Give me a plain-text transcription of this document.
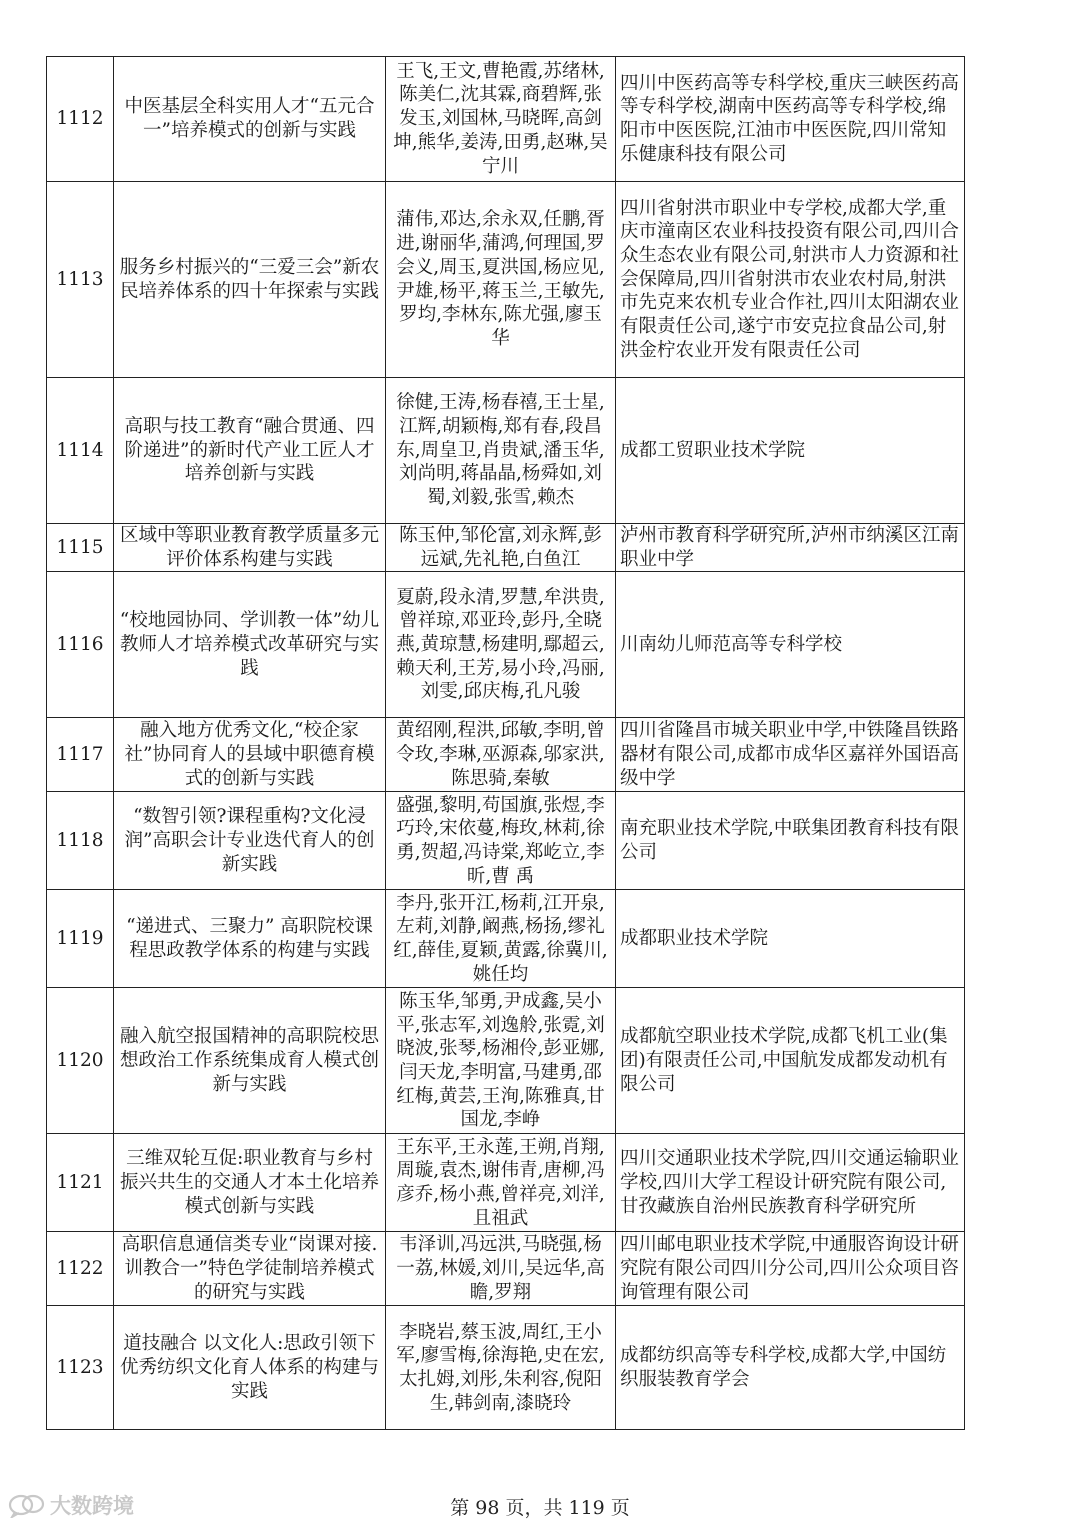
1112	中医基层全科实用人才“五元合一”培养模式的创新与实践	王飞,王文,曹艳霞,苏绪林,陈美仁,沈其霖,商碧辉,张发玉,刘国林,马晓晖,高剑坤,熊华,姜涛,田勇,赵琳,吴宁川	四川中医药高等专科学校,重庆三峡医药高等专科学校,湖南中医药高等专科学校,绵阳市中医医院,江油市中医医院,四川常知乐健康科技有限公司
1113	服务乡村振兴的“三爱三会”新农民培养体系的四十年探索与实践	蒲伟,邓达,余永双,任鹏,胥进,谢丽华,蒲鸿,何理国,罗会义,周玉,夏洪国,杨应见,尹雄,杨平,蒋玉兰,王敏先,罗均,李林东,陈尤强,廖玉华	四川省射洪市职业中专学校,成都大学,重庆市潼南区农业科技投资有限公司,四川合众生态农业有限公司,射洪市人力资源和社会保障局,四川省射洪市农业农村局,射洪市先克来农机专业合作社,四川太阳湖农业有限责任公司,遂宁市安克拉食品公司,射洪金柠农业开发有限责任公司
1114	高职与技工教育“融合贯通、四阶递进”的新时代产业工匠人才培养创新与实践	徐健,王涛,杨春禧,王士星,江辉,胡颖梅,郑有春,段昌东,周皇卫,肖贵斌,潘玉华,刘尚明,蒋晶晶,杨舜如,刘蜀,刘毅,张雪,赖杰	成都工贸职业技术学院
1115	区域中等职业教育教学质量多元评价体系构建与实践	陈玉仲,邹伦富,刘永辉,彭远斌,先礼艳,白鱼江	泸州市教育科学研究所,泸州市纳溪区江南职业中学
1116	“校地园协同、学训教一体”幼儿教师人才培养模式改革研究与实践	夏蔚,段永清,罗慧,牟洪贵,曾祥琼,邓亚玲,彭丹,全晓燕,黄琼慧,杨建明,鄢超云,赖天利,王芳,易小玲,冯丽,刘雯,邱庆梅,孔凡骏	川南幼儿师范高等专科学校
1117	融入地方优秀文化,“校企家社”协同育人的县域中职德育模式的创新与实践	黄绍刚,程洪,邱敏,李明,曾令玫,李琳,巫源森,邬家洪,陈思骑,秦敏	四川省隆昌市城关职业中学,中铁隆昌铁路器材有限公司,成都市成华区嘉祥外国语高级中学
1118	“数智引领?课程重构?文化浸润”高职会计专业迭代育人的创新实践	盛强,黎明,苟国旗,张煜,李巧玲,宋依蔓,梅玫,林莉,徐勇,贺超,冯诗棠,郑屹立,李 昕,曹 禹	南充职业技术学院,中联集团教育科技有限公司
1119	“递进式、三聚力” 高职院校课程思政教学体系的构建与实践	李丹,张开江,杨莉,江开泉,左莉,刘静,阚燕,杨扬,缪礼红,薛佳,夏颖,黄露,徐冀川,姚任均	成都职业技术学院
1120	融入航空报国精神的高职院校思想政治工作系统集成育人模式创新与实践	陈玉华,邹勇,尹成鑫,吴小平,张志军,刘逸舲,张霓,刘晓波,张琴,杨湘伶,彭亚娜,闫天龙,李明富,马建勇,邵红梅,黄芸,王洵,陈雅真,甘国龙,李峥	成都航空职业技术学院,成都飞机工业(集团)有限责任公司,中国航发成都发动机有限公司
1121	三维双轮互促:职业教育与乡村振兴共生的交通人才本土化培养模式创新与实践	王东平,王永莲,王朔,肖翔,周璇,袁杰,谢伟青,唐柳,冯彦乔,杨小燕,曾祥亮,刘洋,且祖武	四川交通职业技术学院,四川交通运输职业学校,四川大学工程设计研究院有限公司,甘孜藏族自治州民族教育科学研究所
1122	高职信息通信类专业“岗课对接. 训教合一”特色学徒制培养模式的研究与实践	韦泽训,冯远洪,马晓强,杨一荔,林媛,刘川,吴远华,高瞻,罗翔	四川邮电职业技术学院,中通服咨询设计研究院有限公司四川分公司,四川公众项目咨询管理有限公司
1123	道技融合 以文化人:思政引领下优秀纺织文化育人体系的构建与实践	李晓岩,蔡玉波,周红,王小军,廖雪梅,徐海艳,史在宏,太扎姆,刘彤,朱利容,倪阳生,韩剑南,漆晓玲	成都纺织高等专科学校,成都大学,中国纺织服装教育学会
第 98 页，共 119 页
大数跨境
